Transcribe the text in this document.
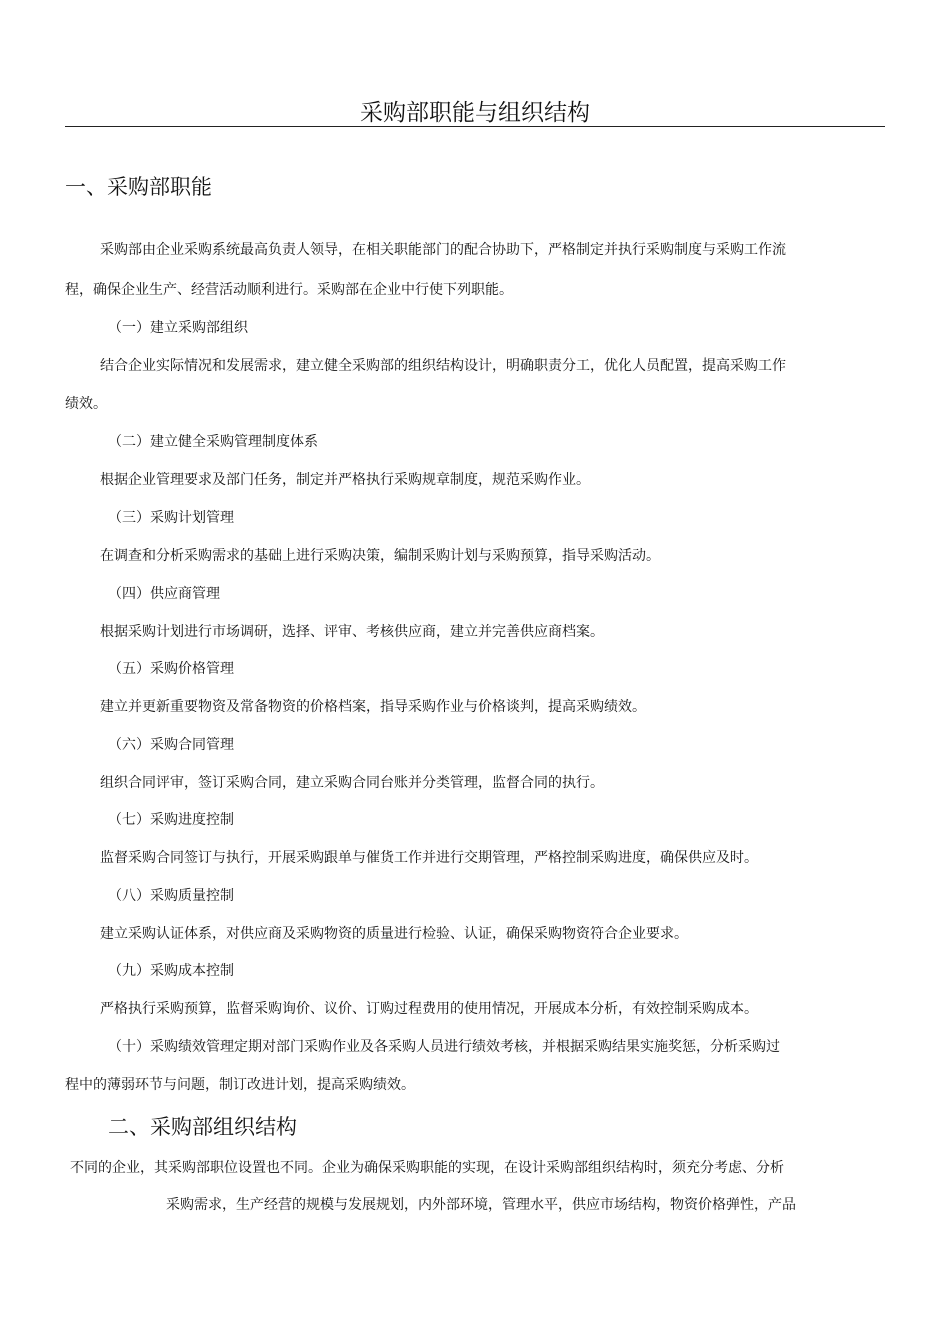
采购部职能与组织结构
一、采购部职能
采购部由企业采购系统最高负责人领导，在相关职能部门的配合协助下，严格制定并执行采购制度与采购工作流
程，确保企业生产、经营活动顺利进行。采购部在企业中行使下列职能。
（一）建立采购部组织
结合企业实际情况和发展需求，建立健全采购部的组织结构设计，明确职责分工，优化人员配置，提高采购工作
绩效。
（二）建立健全采购管理制度体系
根据企业管理要求及部门任务，制定并严格执行采购规章制度，规范采购作业。
（三）采购计划管理
在调查和分析采购需求的基础上进行采购决策，编制采购计划与采购预算，指导采购活动。
（四）供应商管理
根据采购计划进行市场调研，选择、评审、考核供应商，建立并完善供应商档案。
（五）采购价格管理
建立并更新重要物资及常备物资的价格档案，指导采购作业与价格谈判，提高采购绩效。
（六）采购合同管理
组织合同评审，签订采购合同，建立采购合同台账并分类管理，监督合同的执行。
（七）采购进度控制
监督采购合同签订与执行，开展采购跟单与催货工作并进行交期管理，严格控制采购进度，确保供应及时。
（八）采购质量控制
建立采购认证体系，对供应商及采购物资的质量进行检验、认证，确保采购物资符合企业要求。
（九）采购成本控制
严格执行采购预算，监督采购询价、议价、订购过程费用的使用情况，开展成本分析，有效控制采购成本。
（十）采购绩效管理定期对部门采购作业及各采购人员进行绩效考核，并根据采购结果实施奖惩，分析采购过
程中的薄弱环节与问题，制订改进计划，提高采购绩效。
二、采购部组织结构
不同的企业，其采购部职位设置也不同。企业为确保采购职能的实现，在设计采购部组织结构时，须充分考虑、分析
采购需求，生产经营的规模与发展规划，内外部环境，管理水平，供应市场结构，物资价格弹性，产品
